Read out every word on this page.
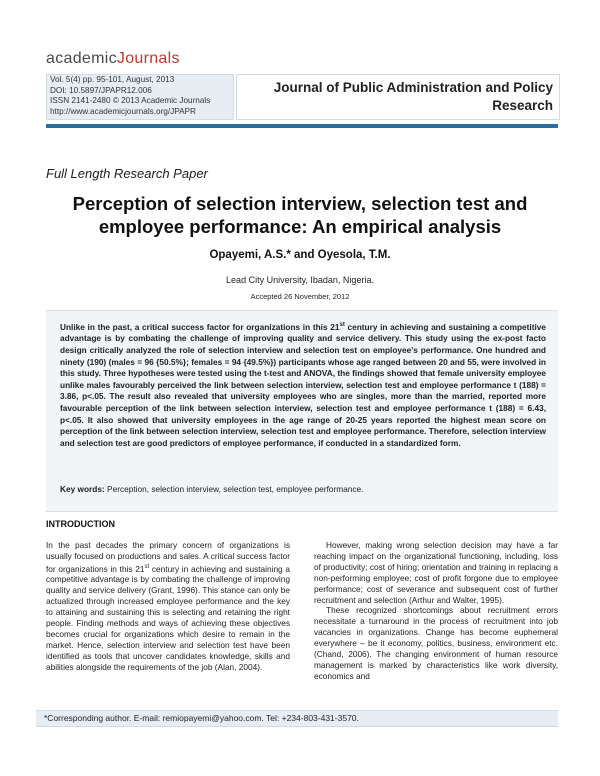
academicJournals
Vol. 5(4) pp. 95-101, August, 2013
DOI: 10.5897/JPAPR12.006
ISSN 2141-2480 © 2013 Academic Journals
http://www.academicjournals.org/JPAPR
Journal of Public Administration and Policy Research
Full Length Research Paper
Perception of selection interview, selection test and employee performance: An empirical analysis
Opayemi, A.S.* and Oyesola, T.M.
Lead City University, Ibadan, Nigeria.
Accepted 26 November, 2012
Unlike in the past, a critical success factor for organizations in this 21st century in achieving and sustaining a competitive advantage is by combating the challenge of improving quality and service delivery. This study using the ex-post facto design critically analyzed the role of selection interview and selection test on employee's performance. One hundred and ninety (190) (males = 96 {50.5%}; females = 94 {49.5%}) participants whose age ranged between 20 and 55, were involved in this study. Three hypotheses were tested using the t-test and ANOVA, the findings showed that female university employee unlike males favourably perceived the link between selection interview, selection test and employee performance t (188) = 3.86, p<.05. The result also revealed that university employees who are singles, more than the married, reported more favourable perception of the link between selection interview, selection test and employee performance t (188) = 6.43, p<.05. It also showed that university employees in the age range of 20-25 years reported the highest mean score on perception of the link between selection interview, selection test and employee performance. Therefore, selection interview and selection test are good predictors of employee performance, if conducted in a standardized form.
Key words: Perception, selection interview, selection test, employee performance.
INTRODUCTION

In the past decades the primary concern of organizations is usually focused on productions and sales. A critical success factor for organizations in this 21st century in achieving and sustaining a competitive advantage is by combating the challenge of improving quality and service delivery (Grant, 1996). This stance can only be actualized through increased employee performance and the key to attaining and sustaining this is selecting and retaining the right people. Finding methods and ways of achieving these objectives becomes crucial for organizations which desire to remain in the market. Hence, selection interview and selection test have been identified as tools that uncover candidates knowledge, skills and abilities alongside the requirements of the job (Alan, 2004).

However, making wrong selection decision may have a far reaching impact on the organizational functioning, including, loss of productivity; cost of hiring; orientation and training in replacing a non-performing employee; cost of profit forgone due to employee performance; cost of severance and subsequent cost of further recruitment and selection (Arthur and Walter, 1995).

These recognized shortcomings about recruitment errors necessitate a turnaround in the process of recruitment into job vacancies in organizations. Change has become euphemeral everywhere – be it economy, politics, business, environment etc. (Chand, 2006). The changing environment of human resource management is marked by characteristics like work diversity, economics and

*Corresponding author. E-mail: remiopayemi@yahoo.com. Tel: +234-803-431-3570.
